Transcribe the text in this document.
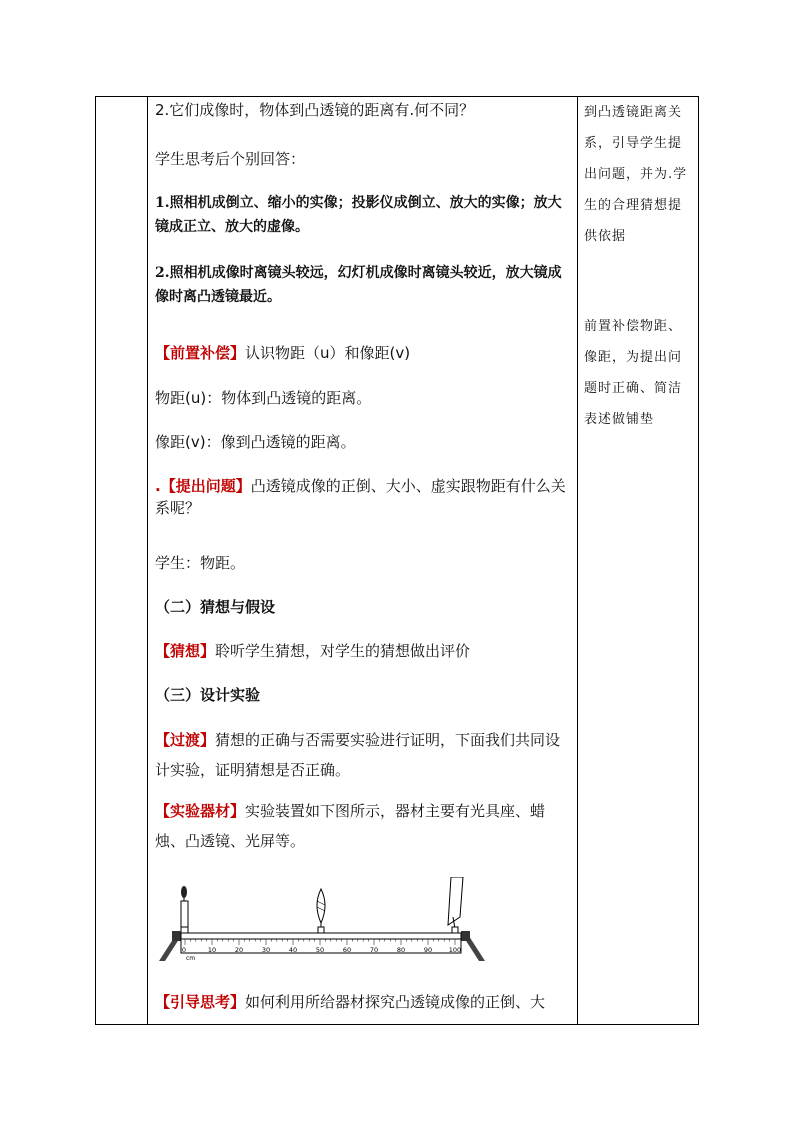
2.它们成像时，物体到凸透镜的距离有.何不同？

学生思考后个别回答：

1.照相机成倒立、缩小的实像；投影仪成倒立、放大的实像；放大镜成正立、放大的虚像。

2.照相机成像时离镜头较远，幻灯机成像时离镜头较近，放大镜成像时离凸透镜最近。

【前置补偿】认识物距（u）和像距(v)

物距(u)：物体到凸透镜的距离。

像距(v)：像到凸透镜的距离。

.【提出问题】凸透镜成像的正倒、大小、虚实跟物距有什么关系呢？

学生：物距。

（二）猜想与假设

【猜想】聆听学生猜想，对学生的猜想做出评价

（三）设计实验

【过渡】猜想的正确与否需要实验进行证明，下面我们共同设计实验，证明猜想是否正确。

【实验器材】实验装置如下图所示，器材主要有光具座、蜡烛、凸透镜、光屏等。

10	20	30	40	50	60	70	80	90	100
0
cm

【引导思考】如何利用所给器材探究凸透镜成像的正倒、大

到凸透镜距离关系，引导学生提出问题，并为.学生的合理猜想提供依据

前置补偿物距、像距，为提出问题时正确、简洁表述做铺垫
